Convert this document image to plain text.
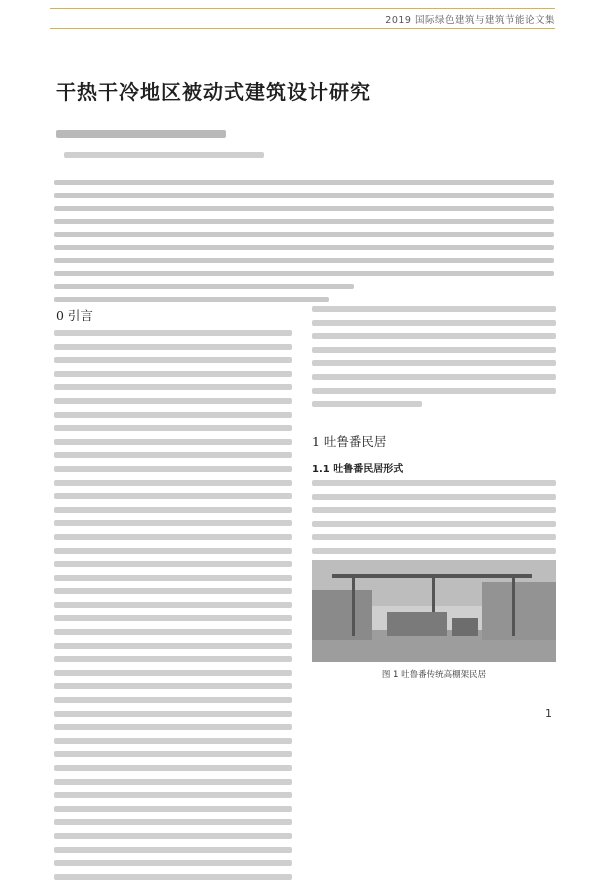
2019 国际绿色建筑与建筑节能论文集
干热干冷地区被动式建筑设计研究
0 引言
1 吐鲁番民居
1.1 吐鲁番民居形式
图 1 吐鲁番传统高棚架民居
1
